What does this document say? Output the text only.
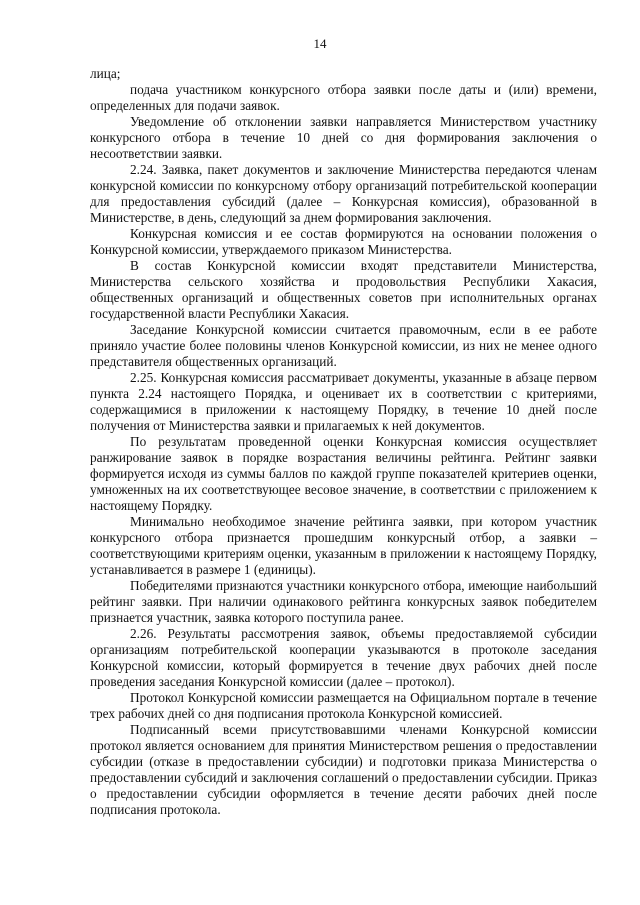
14

лица;

подача участником конкурсного отбора заявки после даты и (или) времени, определенных для подачи заявок.

Уведомление об отклонении заявки направляется Министерством участнику конкурсного отбора в течение 10 дней со дня формирования заключения о несоответствии заявки.

2.24. Заявка, пакет документов и заключение Министерства передаются членам конкурсной комиссии по конкурсному отбору организаций потребительской кооперации для предоставления субсидий (далее – Конкурсная комиссия), образованной в Министерстве, в день, следующий за днем формирования заключения.

Конкурсная комиссия и ее состав формируются на основании положения о Конкурсной комиссии, утверждаемого приказом Министерства.

В состав Конкурсной комиссии входят представители Министерства, Министерства сельского хозяйства и продовольствия Республики Хакасия, общественных организаций и общественных советов при исполнительных органах государственной власти Республики Хакасия.

Заседание Конкурсной комиссии считается правомочным, если в ее работе приняло участие более половины членов Конкурсной комиссии, из них не менее одного представителя общественных организаций.

2.25. Конкурсная комиссия рассматривает документы, указанные в абзаце первом пункта 2.24 настоящего Порядка, и оценивает их в соответствии с критериями, содержащимися в приложении к настоящему Порядку, в течение 10 дней после получения от Министерства заявки и прилагаемых к ней документов.

По результатам проведенной оценки Конкурсная комиссия осуществляет ранжирование заявок в порядке возрастания величины рейтинга. Рейтинг заявки формируется исходя из суммы баллов по каждой группе показателей критериев оценки, умноженных на их соответствующее весовое значение, в соответствии с приложением к настоящему Порядку.

Минимально необходимое значение рейтинга заявки, при котором участник конкурсного отбора признается прошедшим конкурсный отбор, а заявки – соответствующими критериям оценки, указанным в приложении к настоящему Порядку, устанавливается в размере 1 (единицы).

Победителями признаются участники конкурсного отбора, имеющие наибольший рейтинг заявки. При наличии одинакового рейтинга конкурсных заявок победителем признается участник, заявка которого поступила ранее.

2.26. Результаты рассмотрения заявок, объемы предоставляемой субсидии организациям потребительской кооперации указываются в протоколе заседания Конкурсной комиссии, который формируется в течение двух рабочих дней после проведения заседания Конкурсной комиссии (далее – протокол).

Протокол Конкурсной комиссии размещается на Официальном портале в течение трех рабочих дней со дня подписания протокола Конкурсной комиссией.

Подписанный всеми присутствовавшими членами Конкурсной комиссии протокол является основанием для принятия Министерством решения о предоставлении субсидии (отказе в предоставлении субсидии) и подготовки приказа Министерства о предоставлении субсидий и заключения соглашений о предоставлении субсидии. Приказ о предоставлении субсидии оформляется в течение десяти рабочих дней после подписания протокола.
